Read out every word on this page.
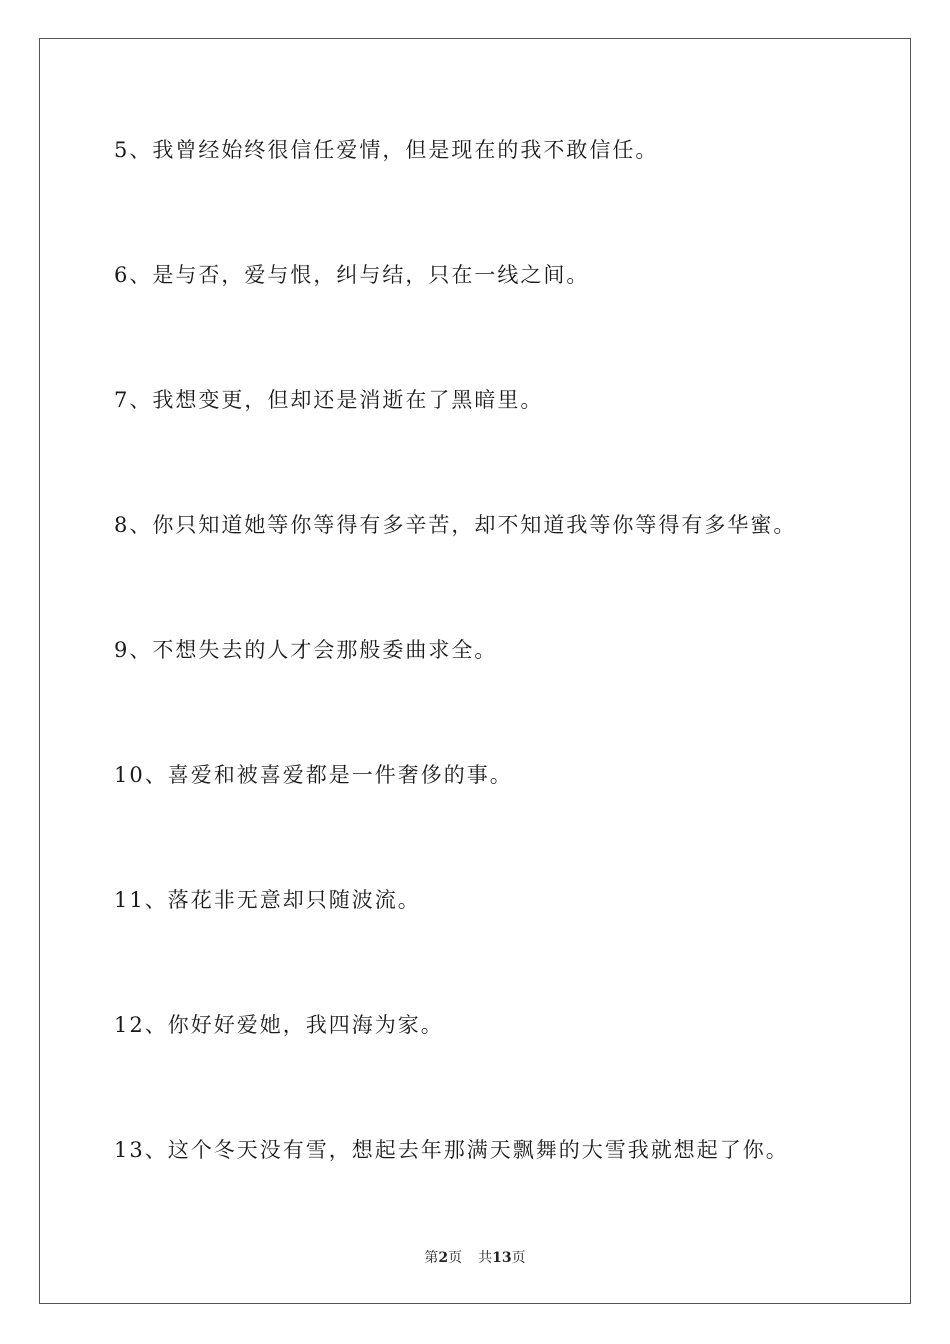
5、我曾经始终很信任爱情，但是现在的我不敢信任。
6、是与否，爱与恨，纠与结，只在一线之间。
7、我想变更，但却还是消逝在了黑暗里。
8、你只知道她等你等得有多辛苦，却不知道我等你等得有多华蜜。
9、不想失去的人才会那般委曲求全。
10、喜爱和被喜爱都是一件奢侈的事。
11、落花非无意却只随波流。
12、你好好爱她，我四海为家。
13、这个冬天没有雪，想起去年那满天飘舞的大雪我就想起了你。
第2页 共13页
